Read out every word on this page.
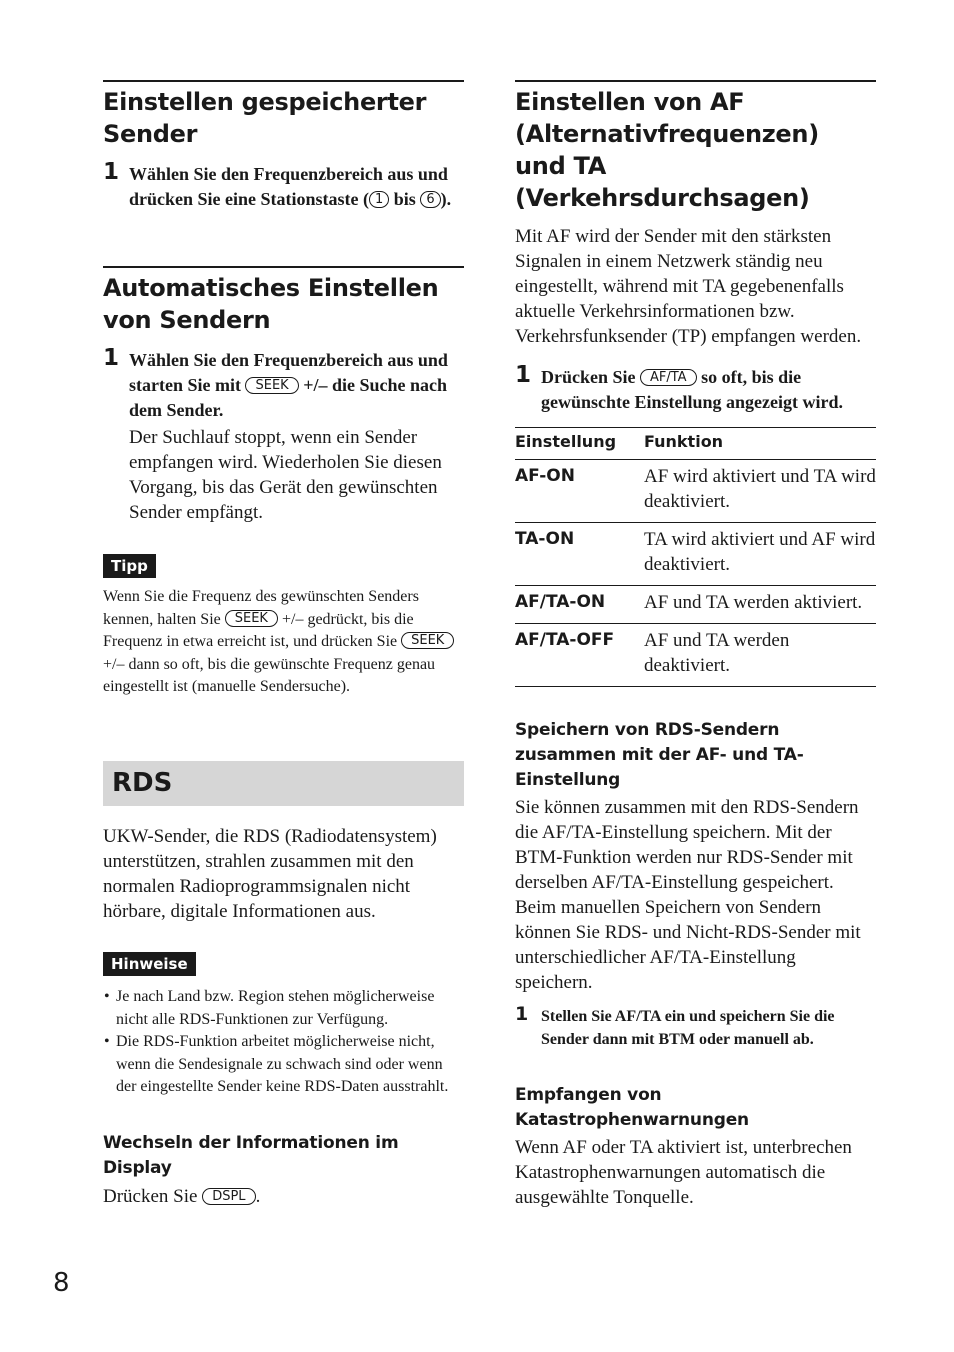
Einstellen gespeicherter Sender
1 Wählen Sie den Frequenzbereich aus und drücken Sie eine Stationstaste ( 1 bis 6 ).
Automatisches Einstellen von Sendern
1 Wählen Sie den Frequenzbereich aus und starten Sie mit SEEK +/– die Suche nach dem Sender.
Der Suchlauf stoppt, wenn ein Sender empfangen wird. Wiederholen Sie diesen Vorgang, bis das Gerät den gewünschten Sender empfängt.
Tipp
Wenn Sie die Frequenz des gewünschten Senders kennen, halten Sie SEEK +/– gedrückt, bis die Frequenz in etwa erreicht ist, und drücken Sie SEEK +/– dann so oft, bis die gewünschte Frequenz genau eingestellt ist (manuelle Sendersuche).
RDS
UKW-Sender, die RDS (Radiodatensystem) unterstützen, strahlen zusammen mit den normalen Radioprogrammsignalen nicht hörbare, digitale Informationen aus.
Hinweise
• Je nach Land bzw. Region stehen möglicherweise nicht alle RDS-Funktionen zur Verfügung.
• Die RDS-Funktion arbeitet möglicherweise nicht, wenn die Sendesignale zu schwach sind oder wenn der eingestellte Sender keine RDS-Daten ausstrahlt.
Wechseln der Informationen im Display
Drücken Sie DSPL .
Einstellen von AF (Alternativfrequenzen) und TA (Verkehrsdurchsagen)
Mit AF wird der Sender mit den stärksten Signalen in einem Netzwerk ständig neu eingestellt, während mit TA gegebenenfalls aktuelle Verkehrsinformationen bzw. Verkehrsfunksender (TP) empfangen werden.
1 Drücken Sie AF/TA so oft, bis die gewünschte Einstellung angezeigt wird.
Einstellung	Funktion
AF-ON	AF wird aktiviert und TA wird deaktiviert.
TA-ON	TA wird aktiviert und AF wird deaktiviert.
AF/TA-ON	AF und TA werden aktiviert.
AF/TA-OFF	AF und TA werden deaktiviert.
Speichern von RDS-Sendern zusammen mit der AF- und TA-Einstellung
Sie können zusammen mit den RDS-Sendern die AF/TA-Einstellung speichern. Mit der BTM-Funktion werden nur RDS-Sender mit derselben AF/TA-Einstellung gespeichert.
Beim manuellen Speichern von Sendern können Sie RDS- und Nicht-RDS-Sender mit unterschiedlicher AF/TA-Einstellung speichern.
1 Stellen Sie AF/TA ein und speichern Sie die Sender dann mit BTM oder manuell ab.
Empfangen von Katastrophenwarnungen
Wenn AF oder TA aktiviert ist, unterbrechen Katastrophenwarnungen automatisch die ausgewählte Tonquelle.
8
